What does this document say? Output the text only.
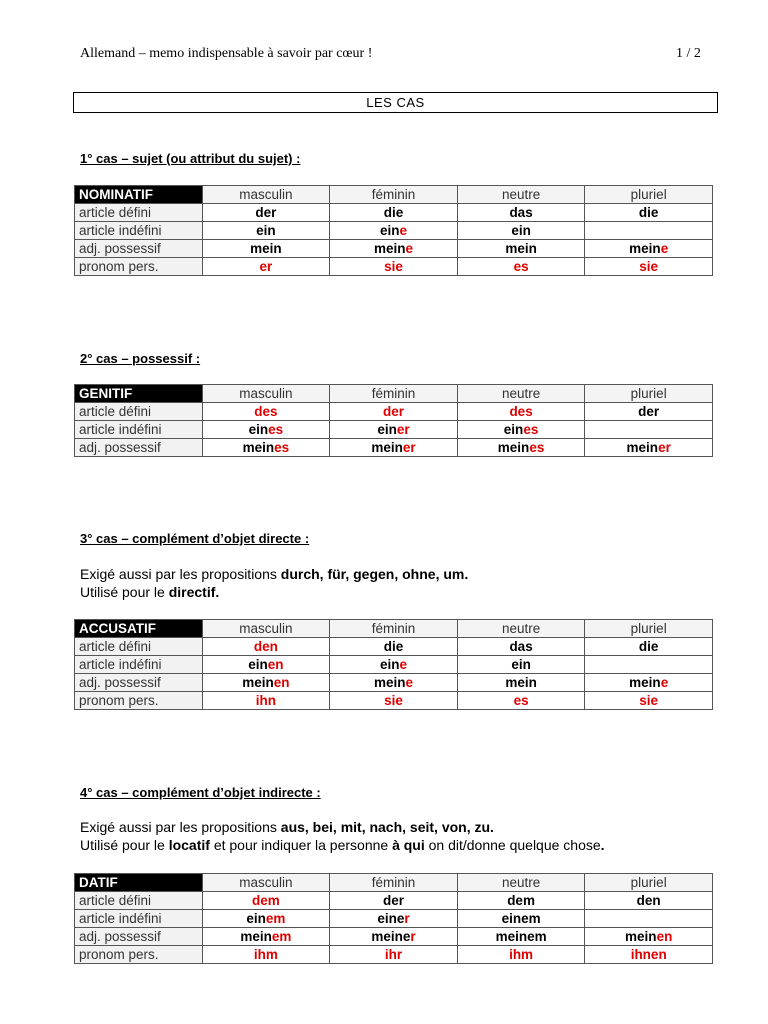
Allemand – memo indispensable à savoir par cœur !	1 / 2
LES CAS
1° cas – sujet (ou attribut du sujet) :
NOMINATIF	masculin	féminin	neutre	pluriel
article défini	der	die	das	die
article indéfini	ein	eine	ein	
adj. possessif	mein	meine	mein	meine
pronom pers.	er	sie	es	sie
2° cas – possessif :
GENITIF	masculin	féminin	neutre	pluriel
article défini	des	der	des	der
article indéfini	eines	einer	eines	
adj. possessif	meines	meiner	meines	meiner
3° cas – complément d’objet directe :
Exigé aussi par les propositions durch, für, gegen, ohne, um.
Utilisé pour le directif.
ACCUSATIF	masculin	féminin	neutre	pluriel
article défini	den	die	das	die
article indéfini	einen	eine	ein	
adj. possessif	meinen	meine	mein	meine
pronom pers.	ihn	sie	es	sie
4° cas – complément d’objet indirecte :
Exigé aussi par les propositions aus, bei, mit, nach, seit, von, zu.
Utilisé pour le locatif et pour indiquer la personne à qui on dit/donne quelque chose.
DATIF	masculin	féminin	neutre	pluriel
article défini	dem	der	dem	den
article indéfini	einem	einer	einem	
adj. possessif	meinem	meiner	meinem	meinen
pronom pers.	ihm	ihr	ihm	ihnen
